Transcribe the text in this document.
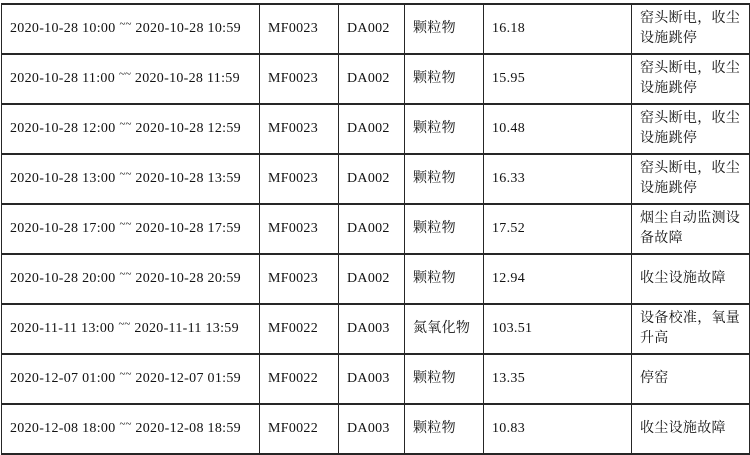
2020-10-28 10:00 ~~ 2020-10-28 10:59	MF0023	DA002	颗粒物	16.18	窑头断电，收尘设施跳停
2020-10-28 11:00 ~~ 2020-10-28 11:59	MF0023	DA002	颗粒物	15.95	窑头断电，收尘设施跳停
2020-10-28 12:00 ~~ 2020-10-28 12:59	MF0023	DA002	颗粒物	10.48	窑头断电，收尘设施跳停
2020-10-28 13:00 ~~ 2020-10-28 13:59	MF0023	DA002	颗粒物	16.33	窑头断电，收尘设施跳停
2020-10-28 17:00 ~~ 2020-10-28 17:59	MF0023	DA002	颗粒物	17.52	烟尘自动监测设备故障
2020-10-28 20:00 ~~ 2020-10-28 20:59	MF0023	DA002	颗粒物	12.94	收尘设施故障
2020-11-11 13:00 ~~ 2020-11-11 13:59	MF0022	DA003	氮氧化物	103.51	设备校准，氧量升高
2020-12-07 01:00 ~~ 2020-12-07 01:59	MF0022	DA003	颗粒物	13.35	停窑
2020-12-08 18:00 ~~ 2020-12-08 18:59	MF0022	DA003	颗粒物	10.83	收尘设施故障
